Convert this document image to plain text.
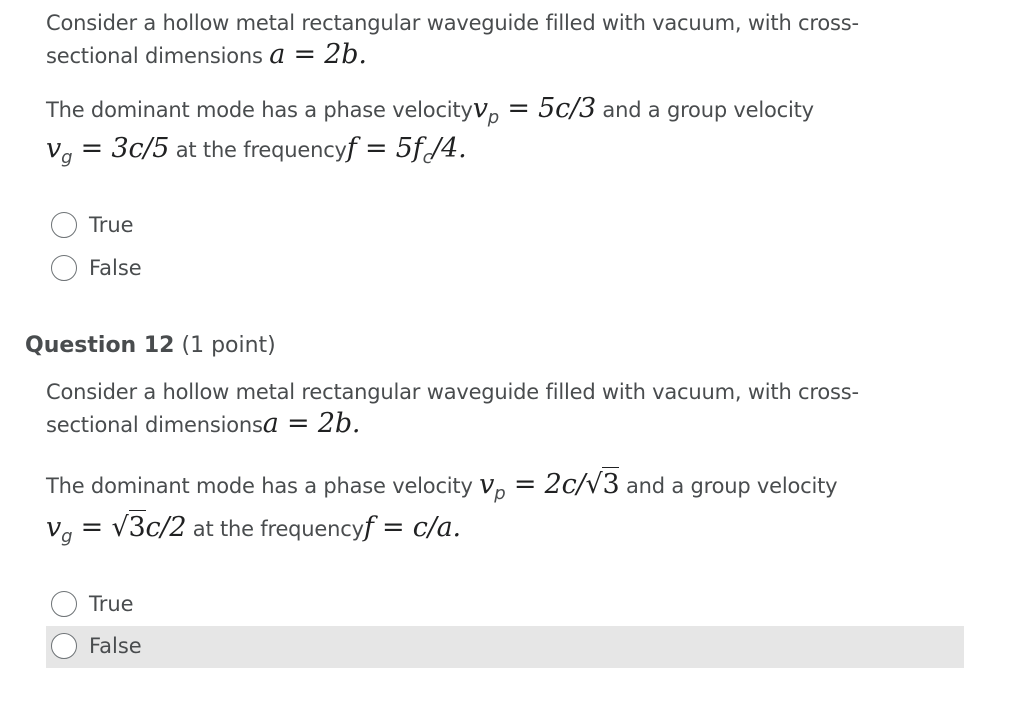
Consider a hollow metal rectangular waveguide filled with vacuum, with cross-
sectional dimensions a = 2b.
The dominant mode has a phase velocityvp = 5c/3 and a group velocity
vg = 3c/5 at the frequencyf = 5fc/4.
True
False
Question 12 (1 point)
Consider a hollow metal rectangular waveguide filled with vacuum, with cross-
sectional dimensionsa = 2b.
The dominant mode has a phase velocity vp = 2c/√3 and a group velocity
vg = √3c/2 at the frequencyf = c/a.
True
False
